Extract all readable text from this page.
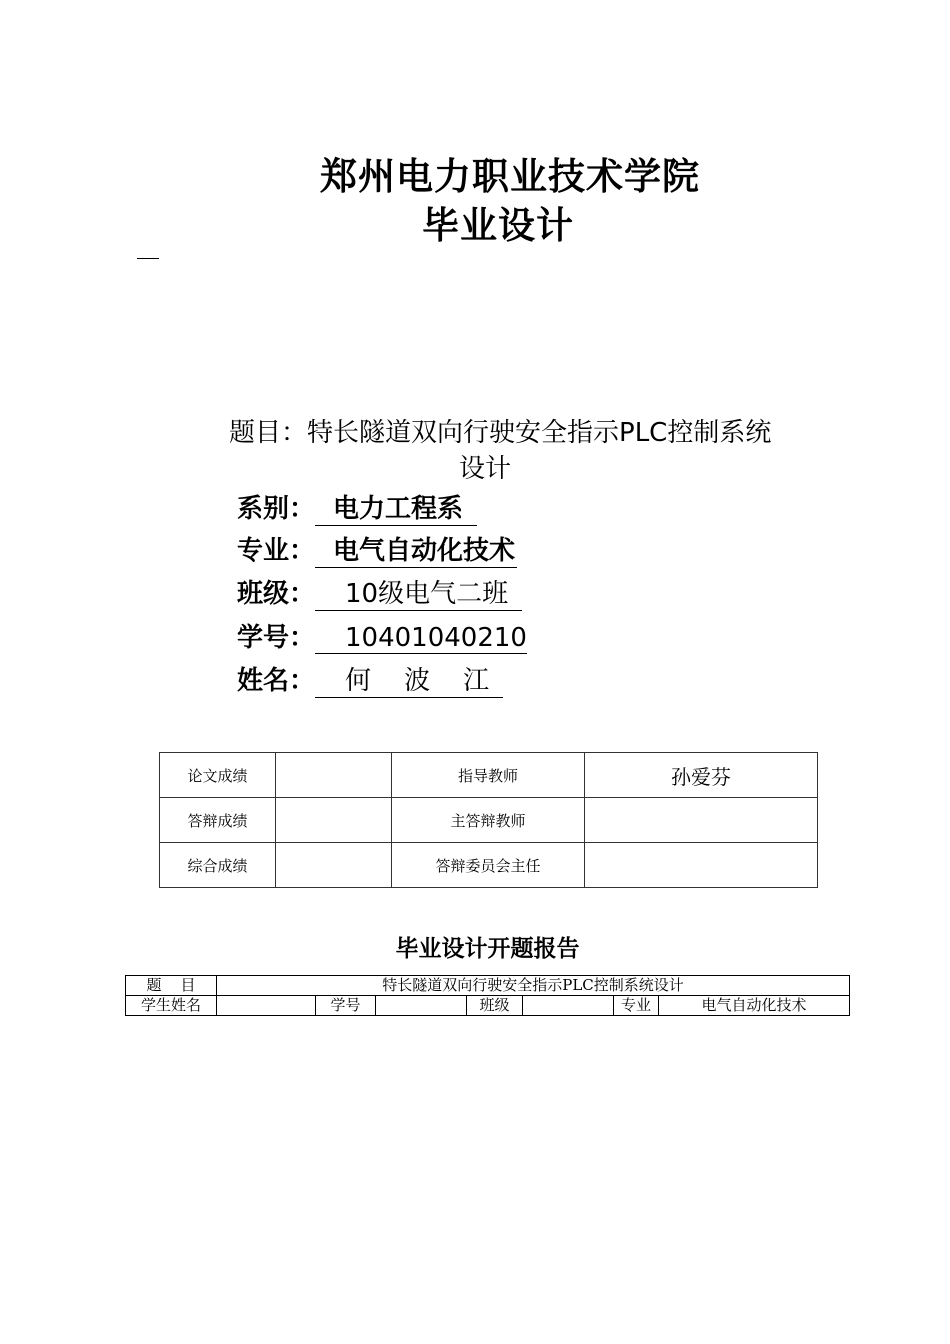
郑州电力职业技术学院
毕业设计
题目：特长隧道双向行驶安全指示PLC控制系统
设计
系别： 电力工程系
专业： 电气自动化技术
班级：	10级电气二班
学号：	10401040210
姓名：	何    波    江
论文成绩		指导教师	孙爱芬
答辩成绩		主答辩教师	
综合成绩		答辩委员会主任	
毕业设计开题报告
题    目	特长隧道双向行驶安全指示PLC控制系统设计						
学生姓名		学号		班级		专业	电气自动化技术
